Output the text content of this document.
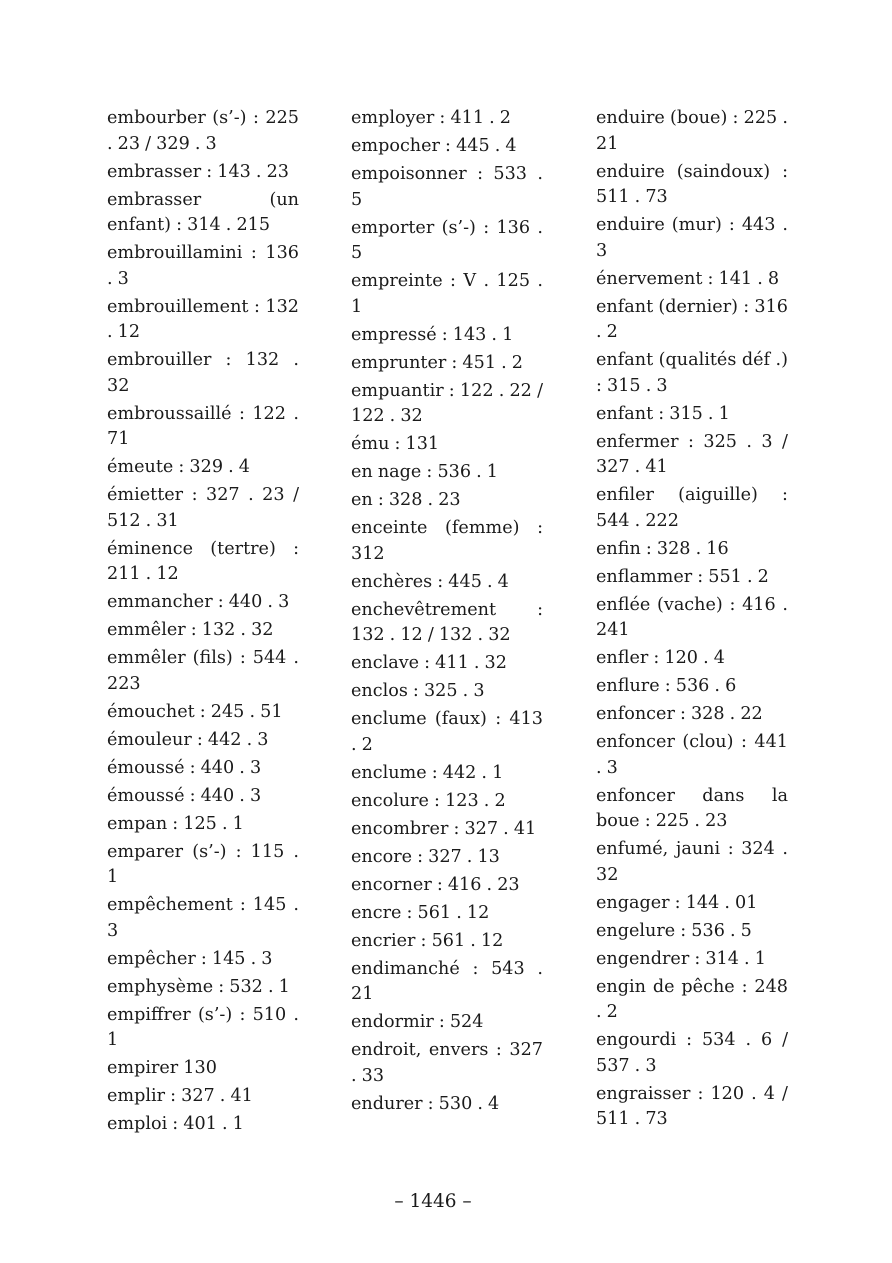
embourber (s’-) : 225 . 23 / 329 . 3
embrasser : 143 . 23
embrasser (un enfant) : 314 . 215
embrouillamini : 136 . 3
embrouillement : 132 . 12
embrouiller : 132 . 32
embroussaillé : 122 . 71
émeute : 329 . 4
émietter : 327 . 23 / 512 . 31
éminence (tertre) : 211 . 12
emmancher : 440 . 3
emmêler : 132 . 32
emmêler (fils) : 544 . 223
émouchet : 245 . 51
émouleur : 442 . 3
émoussé : 440 . 3
émoussé : 440 . 3
empan : 125 . 1
emparer (s’-) : 115 . 1
empêchement : 145 . 3
empêcher : 145 . 3
emphysème : 532 . 1
empiffrer (s’-) : 510 . 1
empirer 130
emplir : 327 . 41
emploi : 401 . 1
employer : 411 . 2
empocher : 445 . 4
empoisonner : 533 . 5
emporter (s’-) : 136 . 5
empreinte : V . 125 . 1
empressé : 143 . 1
emprunter : 451 . 2
empuantir : 122 . 22 / 122 . 32
ému : 131
en nage : 536 . 1
en : 328 . 23
enceinte (femme) : 312
enchères : 445 . 4
enchevêtrement : 132 . 12 / 132 . 32
enclave : 411 . 32
enclos : 325 . 3
enclume (faux) : 413 . 2
enclume : 442 . 1
encolure : 123 . 2
encombrer : 327 . 41
encore : 327 . 13
encorner : 416 . 23
encre : 561 . 12
encrier : 561 . 12
endimanché : 543 . 21
endormir : 524
endroit, envers : 327 . 33
endurer : 530 . 4
enduire (boue) : 225 . 21
enduire (saindoux) : 511 . 73
enduire (mur) : 443 . 3
énervement : 141 . 8
enfant (dernier) : 316 . 2
enfant (qualités déf .) : 315 . 3
enfant : 315 . 1
enfermer : 325 . 3 / 327 . 41
enfiler (aiguille) : 544 . 222
enfin : 328 . 16
enflammer : 551 . 2
enflée (vache) : 416 . 241
enfler : 120 . 4
enflure : 536 . 6
enfoncer : 328 . 22
enfoncer (clou) : 441 . 3
enfoncer dans la boue : 225 . 23
enfumé, jauni : 324 . 32
engager : 144 . 01
engelure : 536 . 5
engendrer : 314 . 1
engin de pêche : 248 . 2
engourdi : 534 . 6 / 537 . 3
engraisser : 120 . 4 / 511 . 73
– 1446 –
